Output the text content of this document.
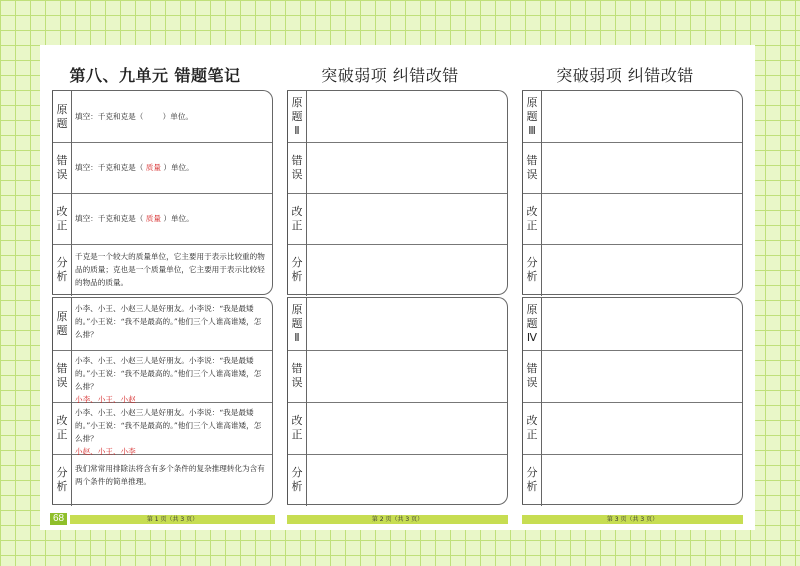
第八、九单元 错题笔记
原
题 填空：千克和克是（        ）单位。
错
误 填空：千克和克是（ 质量 ）单位。
改
正 填空：千克和克是（ 质量 ）单位。
分
析
千克是一个较大的质量单位，它主要用于表示比较重的物品的质量；克也是一个质量单位，它主要用于表示比较轻的物品的质量。
原
题
小李、小王、小赵三人是好朋友。小李说：“我是最矮的。”小王说：“我不是最高的。”他们三个人谁高谁矮，怎么排？
错
误
小李、小王、小赵三人是好朋友。小李说：“我是最矮的。”小王说：“我不是最高的。”他们三个人谁高谁矮，怎么排？
小李、小王、小赵
改
正
小李、小王、小赵三人是好朋友。小李说：“我是最矮的。”小王说：“我不是最高的。”他们三个人谁高谁矮，怎么排？
小赵、小王、小李
分
析
我们常常用排除法将含有多个条件的复杂推理转化为含有两个条件的简单推理。
68	第 1 页（共 3 页）
突破弱项 纠错改错
原
题
Ⅱ
错
误
改
正
分
析
原
题
Ⅱ
错
误
改
正
分
析
第 2 页（共 3 页）
突破弱项 纠错改错
原
题
Ⅲ
错
误
改
正
分
析
原
题
Ⅳ
错
误
改
正
分
析
第 3 页（共 3 页）
